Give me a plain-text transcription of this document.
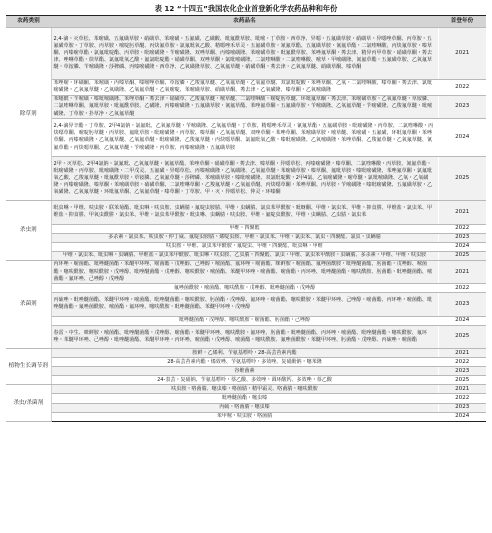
表 12 “十四五”我国农化企业首登新化学农药品种和年份
农药类别	农药品名	首登年份
除草剂	2,4-滴・灭草松、苯嘧磺、五氟磺草胺・硝磺草、苯嘧磺・五氟磺、乙磺酸、吡氟酰草胺、吡嘧・丁草胺・西草净、异噁・五氟磺草胺・硝磺草・异噁唑草酮、丙草胺・五氟磺草胺・丁草胺、丙草胺・嘧啶肟草醚、丙炔氟草胺・氯氟吡氧乙酸、精噁唑禾草灵・五氟磺草胺・氰氟草酯、五氟磺草胺・氰氟草酯・二氯喹啉酸、丙炔氟草胺・嗪草酮、丙嗪嘧草酯・氯氟吡啶酯、丙草胺・吡嘧磺隆・苄嘧磺隆、双唑草酮、丙嗪嘧磺隆、苯嘧磺草胺・吡氟酰草胺、苯唑氟草酮・莠去津、精异丙甲草胺・硝磺草酮・莠去津、唑啉草酯・炔草酯、氯氟吡氧乙酸・氟氯吡啶酯・硝磺草酮、双唑草酮・氯吡嘧磺隆、二氯喹啉酸・二氯喹啉酸、嘧草・甲嘧磺隆、氰氟草酯・五氟磺草胺、乙氧氟草醚・草铵膦、苄嘧磺隆・莎稗磷、丙嗪嘧磺隆・西草净、乙氧磺隆草胺、乙氧氟草醚・硝磺草酮・莠去津・乙氧氟草醚、硝磺草酮、嗪草酮	2021
	苯唑嘧・环磺酮、苯嘧磺・丙嗪草酮、嗪嘧唑草酮、草铵膦・乙羧氟草醚、乙氧氟草醚・乙氧氟草醚、双氯吡啶酸・苯唑草酮、乙氧・二氯喹啉酸、嗪草酮・莠去津、氯吡嘧磺隆・乙氧氟草醚・乙氧磺隆、乙氧氟草醚・乙氧嘧啶、苯嘧磺草胺、硝磺草酮、莠去津・乙氧磺隆、嗪草酮・乙氧嘧磺隆	2022
	苯噻酰・苄嘧磺・嗪吡嘧磺隆、苯唑草酮・莠去津・硝磺草、乙羧氟草醚・嘧草醚、二氯喹啉酸・嘧啶肟草醚、环吡氟草酮・莠去津、苯嘧磺草胺・乙氧氟草醚・草铵膦、二氯喹啉草酮、氟吡草胺・吡氟酰草胺、乙磺隆、丙嗪嘧磺隆・五氟磺草胺・氰氟草酯、苯唑氟草酮・五氟磺草胺・苄嘧磺隆、乙氧氟草醚・苄嘧磺隆、乙羧氟草醚・吡嘧磺隆、丁草胺・扑草净・乙氧氟草醚	2023
	2,4-滴异辛酯・丁草胺、2甲4氯钠・氯氟吡、乙氧氟草醚・苄嘧磺隆、乙氧氟草醚・丁草胺、精噁唑禾草灵・氰氟草酯・五氟磺草胺・吡嘧磺隆・丙草胺、二氯喹啉酸・丙炔噁草酮、嘧啶肟草醚・丙草胺、氟吡草胺・吡嘧磺隆・丙草胺、嗪草酮・乙氧氟草醚、双唑草酮・苯唑草酮、苯嘧磺草胺・嘧草醚、苯嘧磺・五氟磺、环吡氟草酮・苯唑草酮、丙嗪嘧磺隆・乙氧氟草醚、乙氧氟草醚・吡嘧磺隆、乙羧氟草醚・丙炔噁草酮、氯氟吡氧乙酸・嗪吡嘧磺隆、乙氧嘧磺隆・苯唑草酮、乙羧氟草醚・乙氧氟草醚、氰氟草酯・丙炔噁草酮、乙氧氟草醚・苄嘧磺隆・丙草胺、丙嗪嘧磺隆・五氟磺草胺	2024
	2甲・灭草松、2甲4氯钠・氯氟吡、乙氧氟草醚・氰氟草酯、苯唑草酮・硝磺草酮・莠去津、嗪草酮・异噁草松、丙嗪嘧磺隆・嗪草酮、二氯喹啉酸・丙草胺、氰氟草酯・吡嘧磺隆・丙草胺、吡嘧磺隆・二甲戊灵、五氟磺・异噁草松、丙嗪嘧磺隆・乙氧磺隆、乙氧氟草醚・苯嘧磺草胺・嗪草酮、氟吡草胺・嗪吡嘧磺隆、苯唑氟草酮・氯氟吡氧乙酸、乙羧氟草醚・吡氟酰草胺・草铵膦、乙氧氟草醚・莎稗磷、苯嘧磺草胺・嗪吡嘧磺隆、双氯吡啶酸・2甲4氯、乙氧嘧磺隆・嘧草醚・氯吡嘧磺隆、乙氧・乙氧磺隆・丙嗪嘧磺隆、嗪草酮・苯嘧磺草胺・硝磺草酮、二氯喹啉草酮・乙羧氟草醚・乙氧氟草醚、丙炔噁草酮・苯唑草酮、丙草胺・苄嘧磺隆・嗪吡嘧磺隆、五氟磺草胺・乙氧磺隆、乙氧氟草醚・环吡氟草酮、乙氧氟草醚・嗪草酮・丁草胺、甲・灭・异噁草松、仲灵・环嗪酮	2025
杀虫剂	吡虫啉・甲维、呋虫胺・联苯菊酯、吡虫啉・呋虫胺、虫螨腈・氟啶虫胺腈、甲维・虫螨腈、氯虫苯甲酰胺・吡蚜酮、甲维・氯虫苯、甲维・抑食肼、甲维盐・氯虫苯、甲维盐・抑食肼、甲氧虫酰肼・氯虫苯、甲维・氯虫苯甲酰胺・吡虫啉、虫螨腈・呋虫胺、甲维・氟啶虫酰胺、甲维・虫螨腈、乙虫腈・氯虫苯	2021
	甲维・四聚醛	2022
	多杀素・氯虫苯、呋虫胺・仲丁威、氟啶虫胺腈・烯啶虫胺、甲维・氯虫苯、甲维・氯虫苯、氯虫・四聚醛、氯虫・虫螨腈	2023
	呋虫胺・甲维、氯虫苯甲酰胺・氟啶虫、甲维・四聚醛、吡虫啉・甲维	2024
	甲维・氯虫苯、吡虫啉・虫螨腈、甲维盐・氯虫苯甲酰胺、吡虫啉・呋虫胺、乙虫腈・四聚醛、氯虫・甲维、氯虫苯甲酰胺・虫螨腈、多杀素・甲维、甲维・呋虫胺	2025
杀菌剂	丙环唑・嘧菌酯、吡唑醚菌酯・苯醚甲环唑、嘧菌酯・戊唑醇、己唑醇・嘧菌酯、氟环唑・嘧菌酯、咪鲜胺・嘧菌酯、氟唑菌酰胺・吡唑醚菌酯、肟菌酯・戊唑醇、嘧菌酯・噻呋酰胺、噻呋酰胺・戊唑醇、吡唑醚菌酯・戊唑醇、噻呋酰胺・嘧菌酯、苯醚甲环唑・嘧菌酯、嘧菌酯・丙环唑、吡唑醚菌酯・噻呋酰胺、肟菌酯・吡唑醚菌酯、嘧菌酯・氟环唑、己唑醇・戊唑醇	2021
	氟唑菌酰胺・嘧菌酯、噻呋酰胺・戊唑醇、吡唑醚菌酯・戊唑醇	2022
	丙硫唑・吡唑醚菌酯、苯醚甲环唑・嘧菌酯、吡唑醚菌酯・噻呋酰胺、肟菌酯・戊唑醇、氟环唑・嘧菌酯、噻呋酰胺・苯醚甲环唑、己唑醇・嘧菌酯、丙环唑・嘧菌酯、吡唑醚菌酯・氟唑菌酰胺、嘧菌酯・氟环唑、噻呋酰胺・吡唑醚菌酯、苯醚甲环唑・戊唑醇	2023
	吡唑醚菌酯・戊唑醇、噻呋酰胺・嘧菌酯、肟菌酯・己唑醇	2024
	春雷・中生、咪鲜胺・嘧菌酯、吡唑醚菌酯・戊唑醇、嘧菌酯・苯醚甲环唑、噻呋酰胺・氟环唑、肟菌酯・吡唑醚菌酯、丙环唑・嘧菌酯、吡唑醚菌酯・噻呋酰胺、氟环唑・苯醚甲环唑、己唑醇・吡唑醚菌酯、苯醚甲环唑・丙环唑、嘧菌酯・戊唑醇、嘧菌酯・噻呋酰胺、氟唑菌酰胺・苯醚甲环唑、肟菌酯・戊唑醇、丙硫唑・嘧菌酯	2025
植物生长调节剂	胺鲜・乙烯利、苄氨基嘌呤・28-高芸苔素内酯	2021
	28-高芸苔素内酯・烯效唑、苄氨基嘌呤・多效唑、复硝酚钠・噻苯隆	2022
	谷维菌素	2023
	24-表芸・复硝钠、苄氨基嘌呤・萘乙酸、多效唑・调环酸钙、多效唑・萘乙酸	2025
杀虫/杀菌剂	呋虫胺・咯菌腈、噻虫嗪・咯菌腈・精甲霜灵、咯菌腈・噻呋酰胺	2021
	吡唑醚菌酯・噻虫嗪	2022
	丙硫・咯菌腈・噻虫嗪	2023
	苯甲嘧・呋虫胺・咯菌腈	2024
